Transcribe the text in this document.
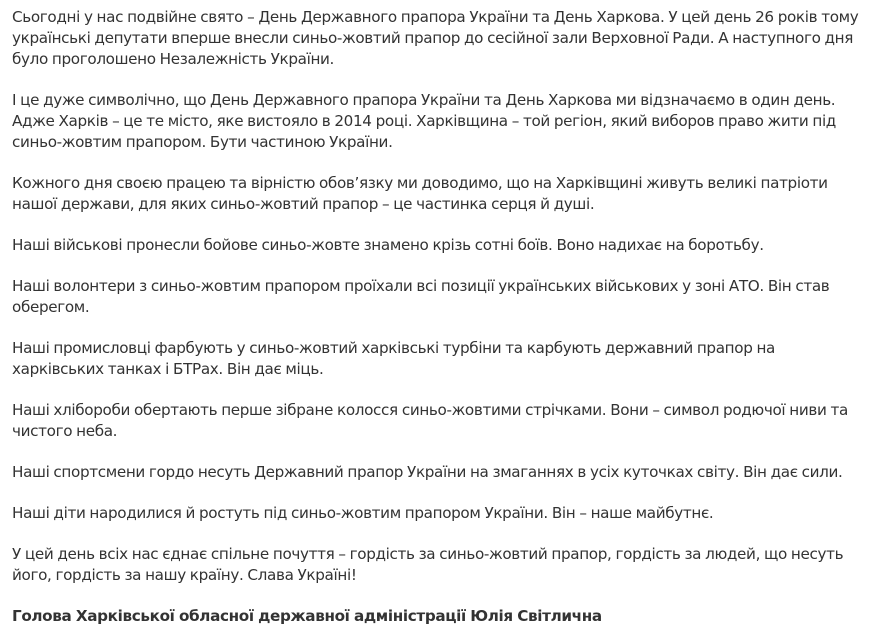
Сьогодні у нас подвійне свято – День Державного прапора України та День Харкова. У цей день 26 років тому українські депутати вперше внесли синьо-жовтий прапор до сесійної зали Верховної Ради. А наступного дня було проголошено Незалежність України.

І це дуже символічно, що День Державного прапора України та День Харкова ми відзначаємо в один день. Адже Харків – це те місто, яке вистояло в 2014 році. Харківщина – той регіон, який виборов право жити під синьо-жовтим прапором. Бути частиною України.

Кожного дня своєю працею та вірністю обов’язку ми доводимо, що на Харківщині живуть великі патріоти нашої держави, для яких синьо-жовтий прапор – це частинка серця й душі.

Наші військові пронесли бойове синьо-жовте знамено крізь сотні боїв. Воно надихає на боротьбу.

Наші волонтери з синьо-жовтим прапором проїхали всі позиції українських військових у зоні АТО. Він став оберегом.

Наші промисловці фарбують у синьо-жовтий харківські турбіни та карбують державний прапор на харківських танках і БТРах. Він дає міць.

Наші хлібороби обертають перше зібране колосся синьо-жовтими стрічками. Вони – символ родючої ниви та чистого неба.

Наші спортсмени гордо несуть Державний прапор України на змаганнях в усіх куточках світу. Він дає сили.

Наші діти народилися й ростуть під синьо-жовтим прапором України. Він – наше майбутнє.

У цей день всіх нас єднає спільне почуття – гордість за синьо-жовтий прапор, гордість за людей, що несуть його, гордість за нашу країну. Слава Україні!

Голова Харківської обласної державної адміністрації Юлія Світлична
